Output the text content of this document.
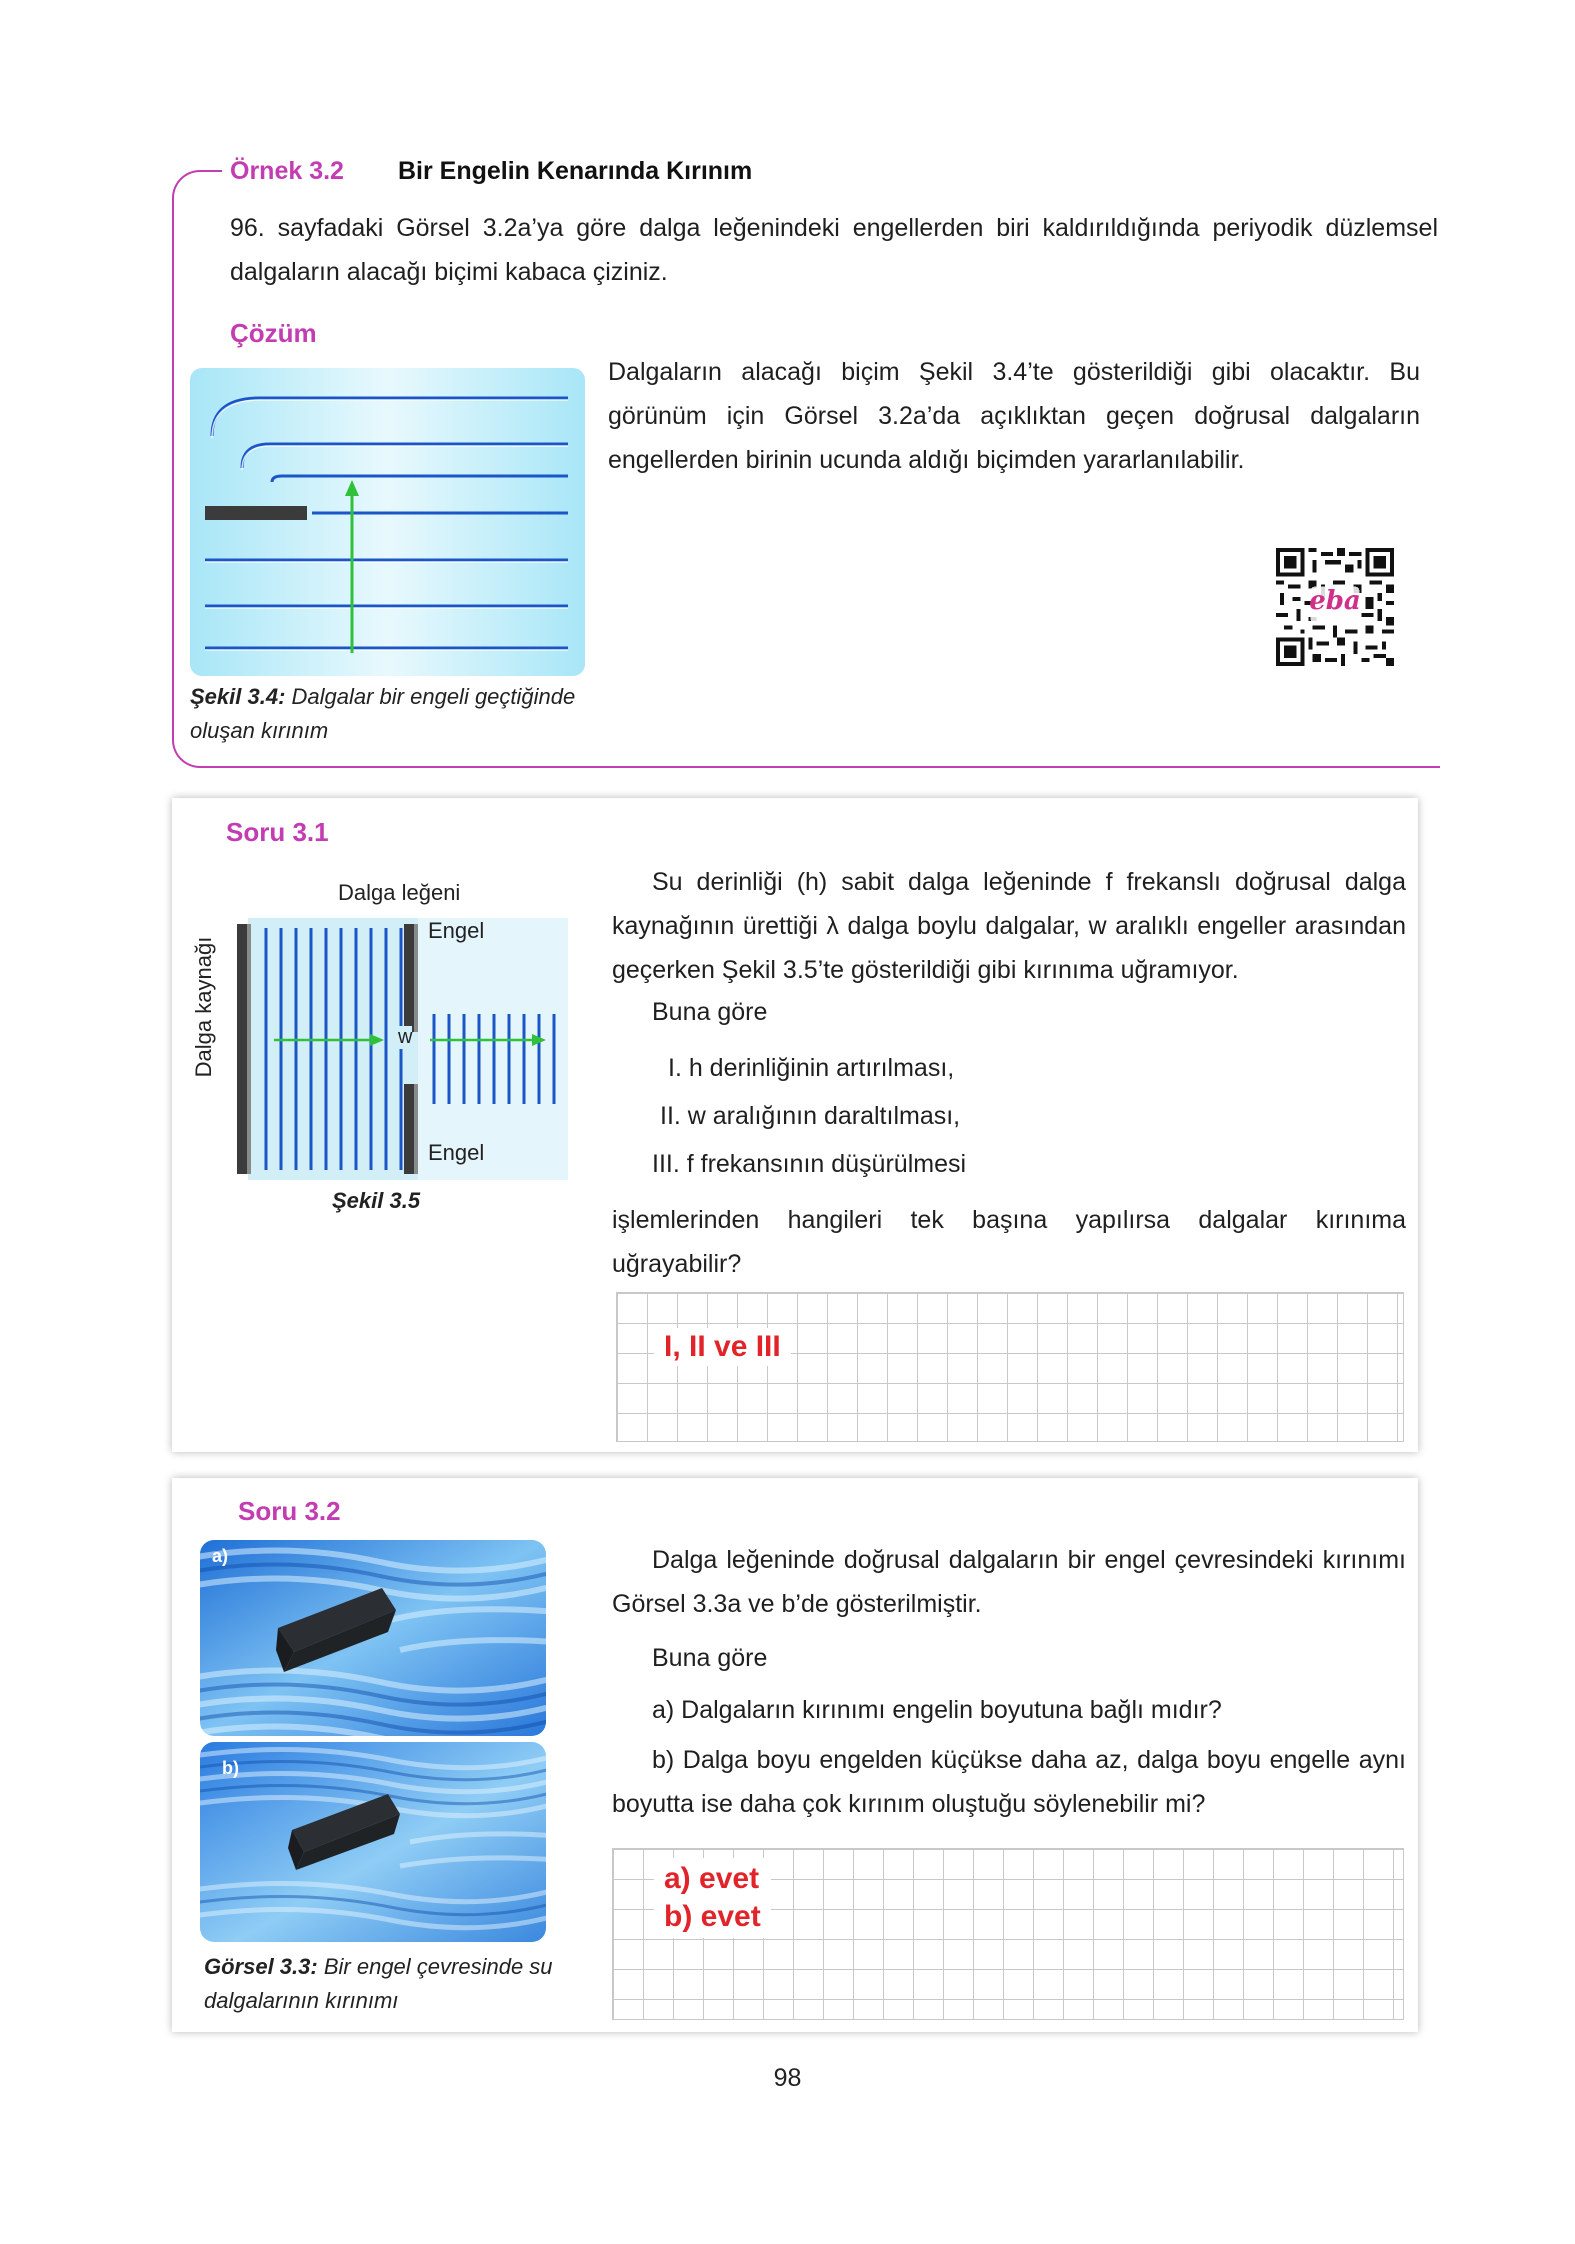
Örnek 3.2 Bir Engelin Kenarında Kırınım
96. sayfadaki Görsel 3.2a’ya göre dalga leğenindeki engellerden biri kaldırıldığında periyodik düzlemsel dalgaların alacağı biçimi kabaca çiziniz.
Çözüm
Şekil 3.4: Dalgalar bir engeli geçtiğinde oluşan kırınım
Dalgaların alacağı biçim Şekil 3.4’te gösterildiği gibi olacaktır. Bu görünüm için Görsel 3.2a’da açıklıktan geçen doğrusal dalgaların engellerden birinin ucunda aldığı biçimden yararlanılabilir.
eba
Soru 3.1
Dalga leğeni
Dalga kaynağı
Engel
w
Engel
Şekil 3.5
Su derinliği (h) sabit dalga leğeninde f frekanslı doğrusal dalga kaynağının ürettiği λ dalga boylu dalgalar, w aralıklı engeller arasından geçerken Şekil 3.5’te gösterildiği gibi kırınıma uğramıyor.
Buna göre
I. h derinliğinin artırılması,
II. w aralığının daraltılması,
III. f frekansının düşürülmesi
işlemlerinden hangileri tek başına yapılırsa dalgalar kırınıma uğrayabilir?
I, II ve III
Soru 3.2
a)
b)
Görsel 3.3: Bir engel çevresinde su dalgalarının kırınımı
Dalga leğeninde doğrusal dalgaların bir engel çevresindeki kırınımı Görsel 3.3a ve b’de gösterilmiştir.
Buna göre
a) Dalgaların kırınımı engelin boyutuna bağlı mıdır?
b) Dalga boyu engelden küçükse daha az, dalga boyu engelle aynı boyutta ise daha çok kırınım oluştuğu söylenebilir mi?
a) evet
b) evet
98
